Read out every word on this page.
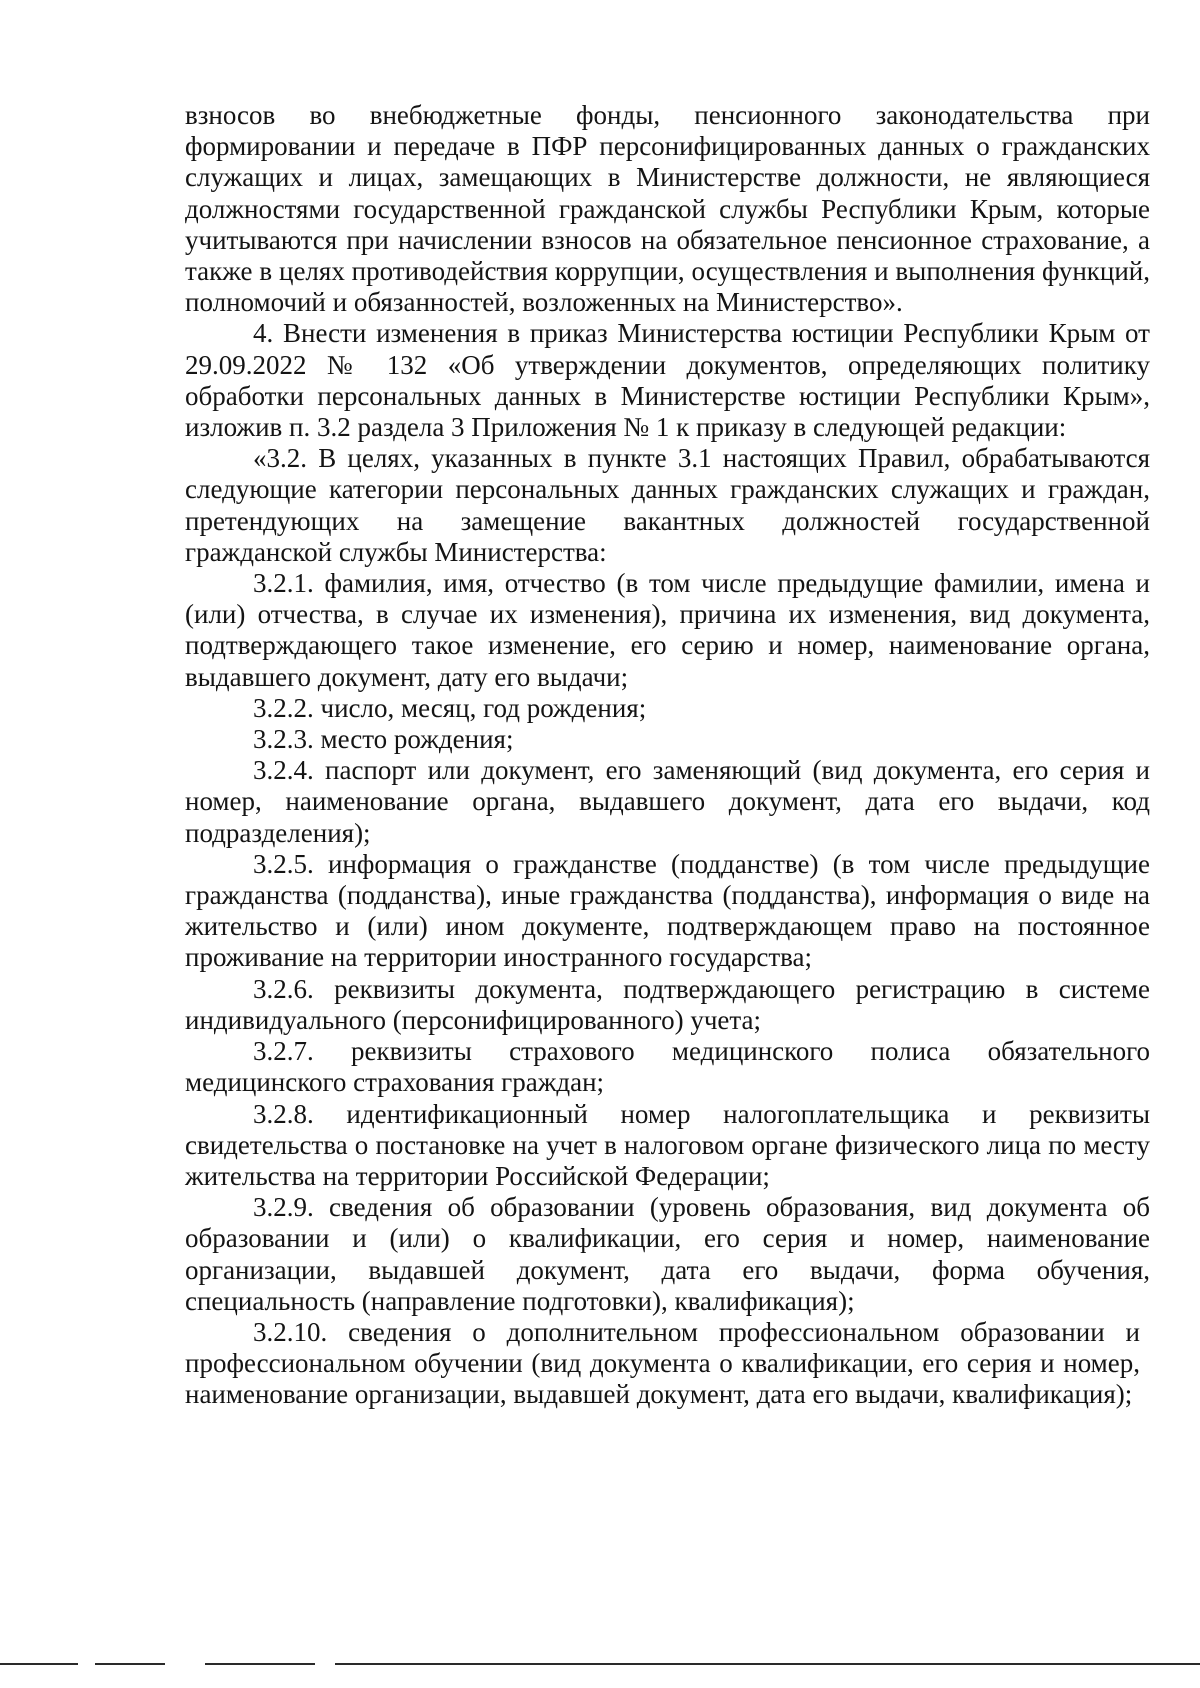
взносов во внебюджетные фонды, пенсионного законодательства при формировании и передаче в ПФР персонифицированных данных о гражданских служащих и лицах, замещающих в Министерстве должности, не являющиеся должностями государственной гражданской службы Республики Крым, которые учитываются при начислении взносов на обязательное пенсионное страхование, а также в целях противодействия коррупции, осуществления и выполнения функций, полномочий и обязанностей, возложенных на Министерство».

4. Внести изменения в приказ Министерства юстиции Республики Крым от 29.09.2022 № 132 «Об утверждении документов, определяющих политику обработки персональных данных в Министерстве юстиции Республики Крым», изложив п. 3.2 раздела 3 Приложения № 1 к приказу в следующей редакции:

«3.2. В целях, указанных в пункте 3.1 настоящих Правил, обрабатываются следующие категории персональных данных гражданских служащих и граждан, претендующих на замещение вакантных должностей государственной гражданской службы Министерства:

3.2.1. фамилия, имя, отчество (в том числе предыдущие фамилии, имена и (или) отчества, в случае их изменения), причина их изменения, вид документа, подтверждающего такое изменение, его серию и номер, наименование органа, выдавшего документ, дату его выдачи;

3.2.2. число, месяц, год рождения;

3.2.3. место рождения;

3.2.4. паспорт или документ, его заменяющий (вид документа, его серия и номер, наименование органа, выдавшего документ, дата его выдачи, код подразделения);

3.2.5. информация о гражданстве (подданстве) (в том числе предыдущие гражданства (подданства), иные гражданства (подданства), информация о виде на жительство и (или) ином документе, подтверждающем право на постоянное проживание на территории иностранного государства;

3.2.6. реквизиты документа, подтверждающего регистрацию в системе индивидуального (персонифицированного) учета;

3.2.7. реквизиты страхового медицинского полиса обязательного медицинского страхования граждан;

3.2.8. идентификационный номер налогоплательщика и реквизиты свидетельства о постановке на учет в налоговом органе физического лица по месту жительства на территории Российской Федерации;

3.2.9. сведения об образовании (уровень образования, вид документа об образовании и (или) о квалификации, его серия и номер, наименование организации, выдавшей документ, дата его выдачи, форма обучения, специальность (направление подготовки), квалификация);

3.2.10. сведения о дополнительном профессиональном образовании и профессиональном обучении (вид документа о квалификации, его серия и номер, наименование организации, выдавшей документ, дата его выдачи, квалификация);
